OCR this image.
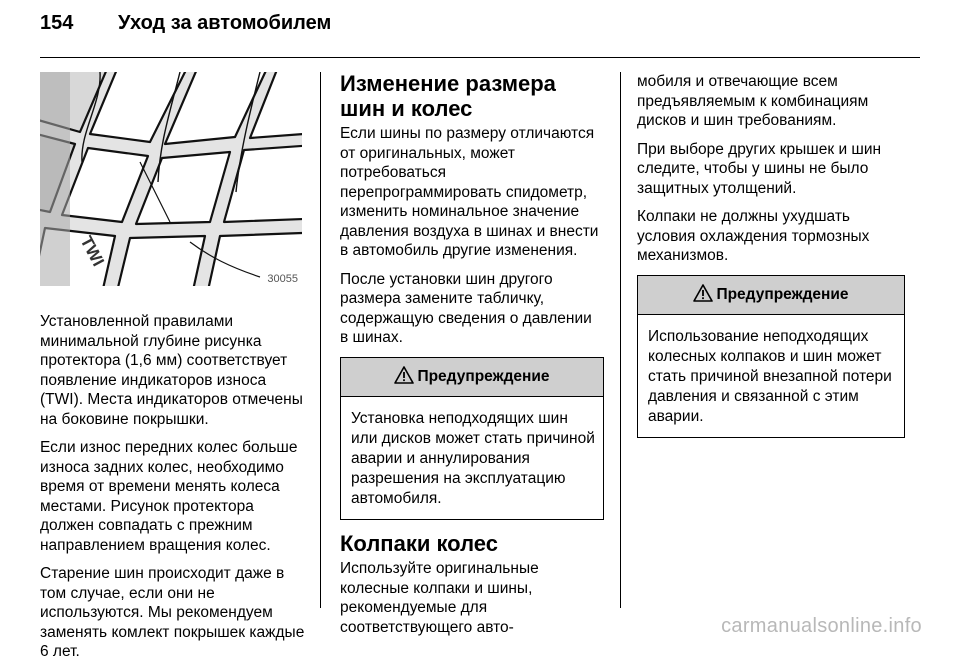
154 Уход за автомобилем
TWI
30055

Установленной правилами минимальной глубине рисунка протектора (1,6 мм) соответствует появление индикаторов износа (TWI). Места индикаторов отмечены на боковине покрышки.

Если износ передних колес больше износа задних колес, необходимо время от времени менять колеса местами. Рисунок протектора должен совпадать с прежним направлением вращения колес.

Старение шин происходит даже в том случае, если они не используются. Мы рекомендуем заменять комлект покрышек каждые 6 лет.

Изменение размера шин и колес

Если шины по размеру отличаются от оригинальных, может потребоваться перепрограммировать спидометр, изменить номинальное значение давления воздуха в шинах и внести в автомобиль другие изменения.

После установки шин другого размера замените табличку, содержащую сведения о давлении в шинах.

Предупреждение
Установка неподходящих шин или дисков может стать причиной аварии и аннулирования разрешения на эксплуатацию автомобиля.
Колпаки колес

Используйте оригинальные колесные колпаки и шины, рекомендуемые для соответствующего авто-

мобиля и отвечающие всем предъявляемым к комбинациям дисков и шин требованиям.

При выборе других крышек и шин следите, чтобы у шины не было защитных утолщений.

Колпаки не должны ухудшать условия охлаждения тормозных механизмов.

Предупреждение
Использование неподходящих колесных колпаков и шин может стать причиной внезапной потери давления и связанной с этим аварии.
carmanualsonline.info
